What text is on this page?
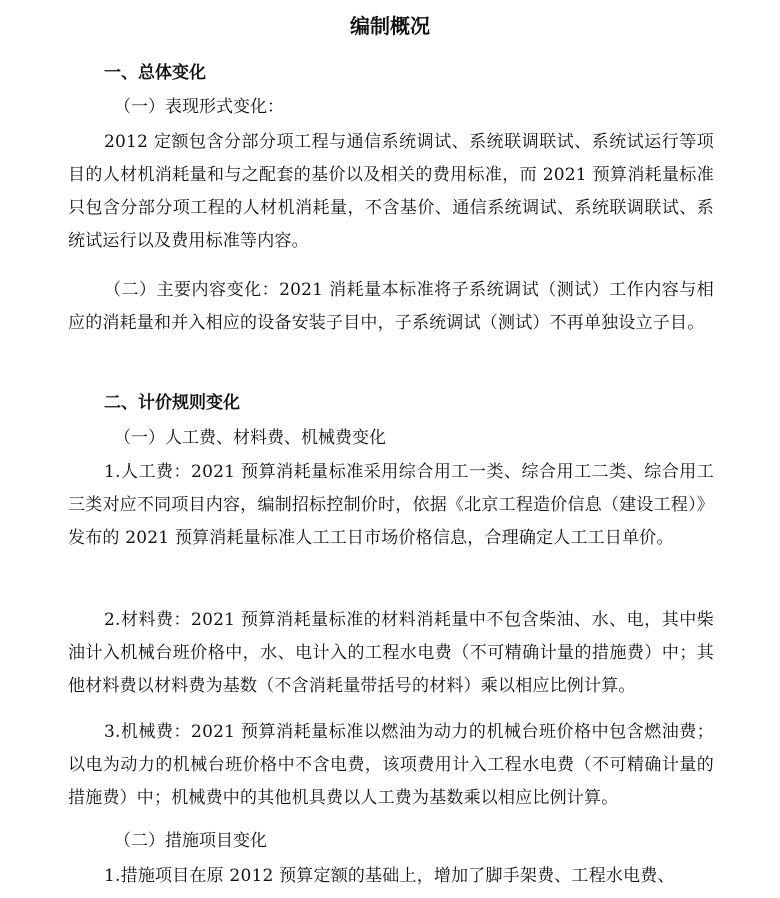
编制概况
一、总体变化
（一）表现形式变化：
2012 定额包含分部分项工程与通信系统调试、系统联调联试、系统试运行等项目的人材机消耗量和与之配套的基价以及相关的费用标准，而 2021 预算消耗量标准只包含分部分项工程的人材机消耗量，不含基价、通信系统调试、系统联调联试、系统试运行以及费用标准等内容。
（二）主要内容变化：2021 消耗量本标准将子系统调试（测试）工作内容与相应的消耗量和并入相应的设备安装子目中，子系统调试（测试）不再单独设立子目。
二、计价规则变化
（一）人工费、材料费、机械费变化
1.人工费：2021 预算消耗量标准采用综合用工一类、综合用工二类、综合用工三类对应不同项目内容，编制招标控制价时，依据《北京工程造价信息（建设工程）》发布的 2021 预算消耗量标准人工工日市场价格信息，合理确定人工工日单价。
2.材料费：2021 预算消耗量标准的材料消耗量中不包含柴油、水、电，其中柴油计入机械台班价格中，水、电计入的工程水电费（不可精确计量的措施费）中；其他材料费以材料费为基数（不含消耗量带括号的材料）乘以相应比例计算。
3.机械费：2021 预算消耗量标准以燃油为动力的机械台班价格中包含燃油费；以电为动力的机械台班价格中不含电费，该项费用计入工程水电费（不可精确计量的措施费）中；机械费中的其他机具费以人工费为基数乘以相应比例计算。
（二）措施项目变化
1.措施项目在原 2012 预算定额的基础上，增加了脚手架费、工程水电费、
